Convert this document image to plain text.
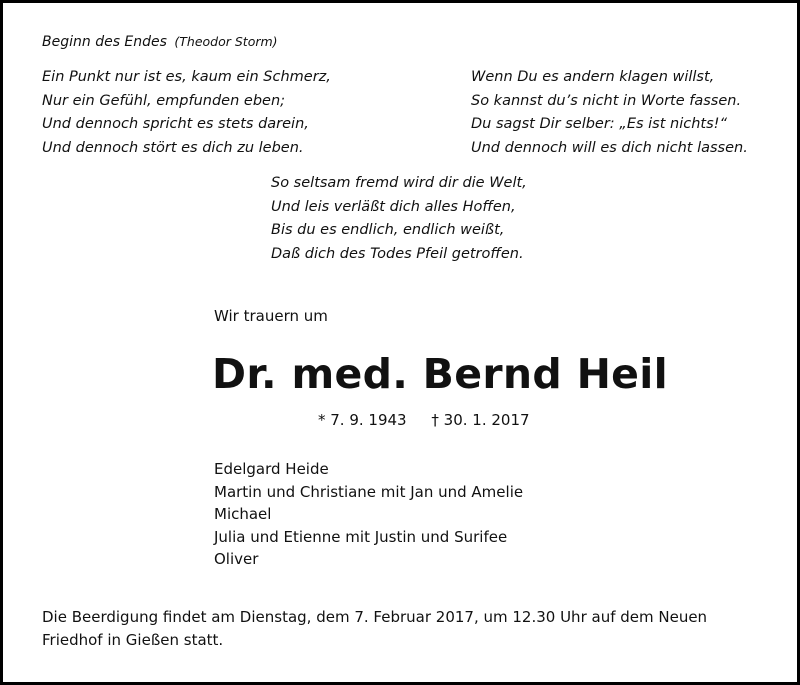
Beginn des Endes (Theodor Storm)
Ein Punkt nur ist es, kaum ein Schmerz,
Nur ein Gefühl, empfunden eben;
Und dennoch spricht es stets darein,
Und dennoch stört es dich zu leben.
Wenn Du es andern klagen willst,
So kannst du’s nicht in Worte fassen.
Du sagst Dir selber: „Es ist nichts!“
Und dennoch will es dich nicht lassen.
So seltsam fremd wird dir die Welt,
Und leis verläßt dich alles Hoffen,
Bis du es endlich, endlich weißt,
Daß dich des Todes Pfeil getroffen.
Wir trauern um
Dr. med. Bernd Heil
* 7. 9. 1943 † 30. 1. 2017
Edelgard Heide
Martin und Christiane mit Jan und Amelie
Michael
Julia und Etienne mit Justin und Surifee
Oliver
Die Beerdigung findet am Dienstag, dem 7. Februar 2017, um 12.30 Uhr auf dem Neuen Friedhof in Gießen statt.
